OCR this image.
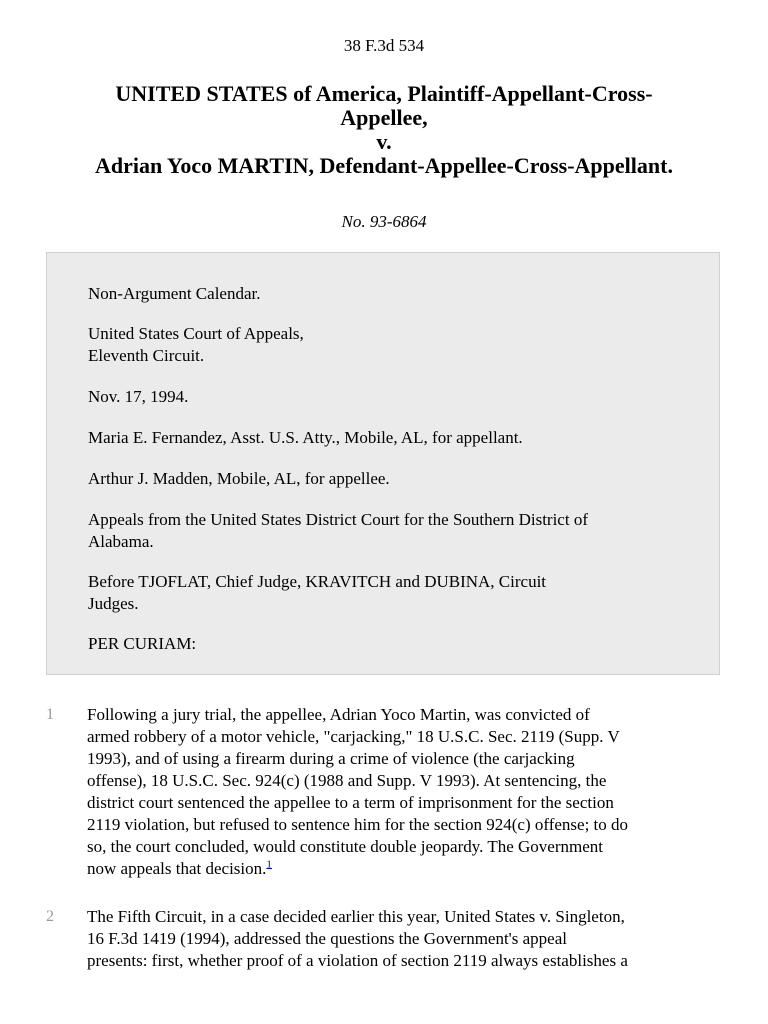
38 F.3d 534
UNITED STATES of America, Plaintiff-Appellant-Cross-
Appellee,
v.
Adrian Yoco MARTIN, Defendant-Appellee-Cross-Appellant.
No. 93-6864

Non-Argument Calendar.

United States Court of Appeals,
Eleventh Circuit.

Nov. 17, 1994.

Maria E. Fernandez, Asst. U.S. Atty., Mobile, AL, for appellant.

Arthur J. Madden, Mobile, AL, for appellee.

Appeals from the United States District Court for the Southern District of
Alabama.

Before TJOFLAT, Chief Judge, KRAVITCH and DUBINA, Circuit
Judges.

PER CURIAM:

1 Following a jury trial, the appellee, Adrian Yoco Martin, was convicted of
armed robbery of a motor vehicle, "carjacking," 18 U.S.C. Sec. 2119 (Supp. V
1993), and of using a firearm during a crime of violence (the carjacking
offense), 18 U.S.C. Sec. 924(c) (1988 and Supp. V 1993). At sentencing, the
district court sentenced the appellee to a term of imprisonment for the section
2119 violation, but refused to sentence him for the section 924(c) offense; to do
so, the court concluded, would constitute double jeopardy. The Government
now appeals that decision.$^1$
2 The Fifth Circuit, in a case decided earlier this year, United States v. Singleton,
16 F.3d 1419 (1994), addressed the questions the Government's appeal
presents: first, whether proof of a violation of section 2119 always establishes a
